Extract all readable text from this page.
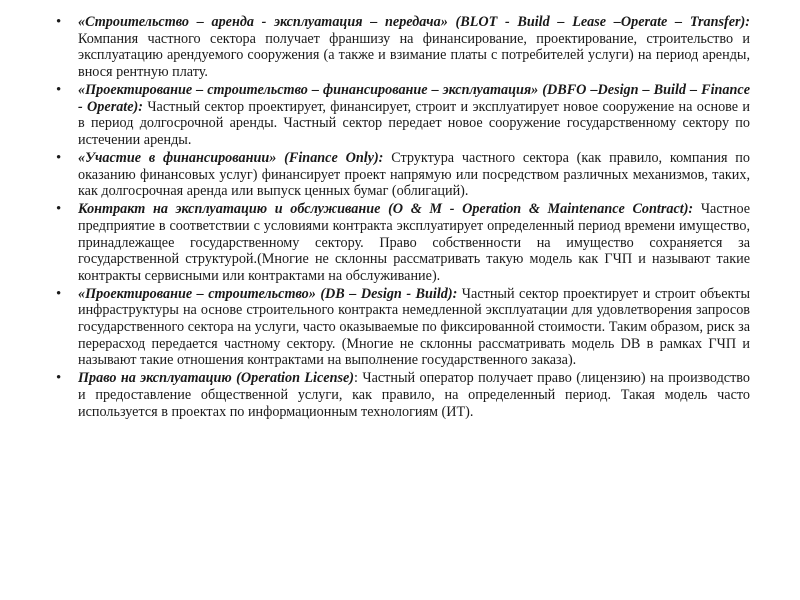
• «Строительство – аренда - эксплуатация – передача» (BLOT - Build – Lease –Operate – Transfer): Компания частного сектора получает франшизу на финансирование, проектирование, строительство и эксплуатацию арендуемого сооружения (а также и взимание платы с потребителей услуги) на период аренды, внося рентную плату.
• «Проектирование – строительство – финансирование – эксплуатация» (DBFO –Design – Build – Finance - Operate): Частный сектор проектирует, финансирует, строит и эксплуатирует новое сооружение на основе и в период долгосрочной аренды. Частный сектор передает новое сооружение государственному сектору по истечении аренды.
• «Участие в финансировании» (Finance Only): Структура частного сектора (как правило, компания по оказанию финансовых услуг) финансирует проект напрямую или посредством различных механизмов, таких, как долгосрочная аренда или выпуск ценных бумаг (облигаций).
• Контракт на эксплуатацию и обслуживание (O & M - Operation & Maintenance Contract): Частное предприятие в соответствии с условиями контракта эксплуатирует определенный период времени имущество, принадлежащее государственному сектору. Право собственности на имущество сохраняется за государственной структурой.(Многие не склонны рассматривать такую модель как ГЧП и называют такие контракты сервисными или контрактами на обслуживание).
• «Проектирование – строительство» (DB – Design - Build): Частный сектор проектирует и строит объекты инфраструктуры на основе строительного контракта немедленной эксплуатации для удовлетворения запросов государственного сектора на услуги, часто оказываемые по фиксированной стоимости. Таким образом, риск за перерасход передается частному сектору. (Многие не склонны рассматривать модель DB в рамках ГЧП и называют такие отношения контрактами на выполнение государственного заказа).
• Право на эксплуатацию (Operation License): Частный оператор получает право (лицензию) на производство и предоставление общественной услуги, как правило, на определенный период. Такая модель часто используется в проектах по информационным технологиям (ИТ).
